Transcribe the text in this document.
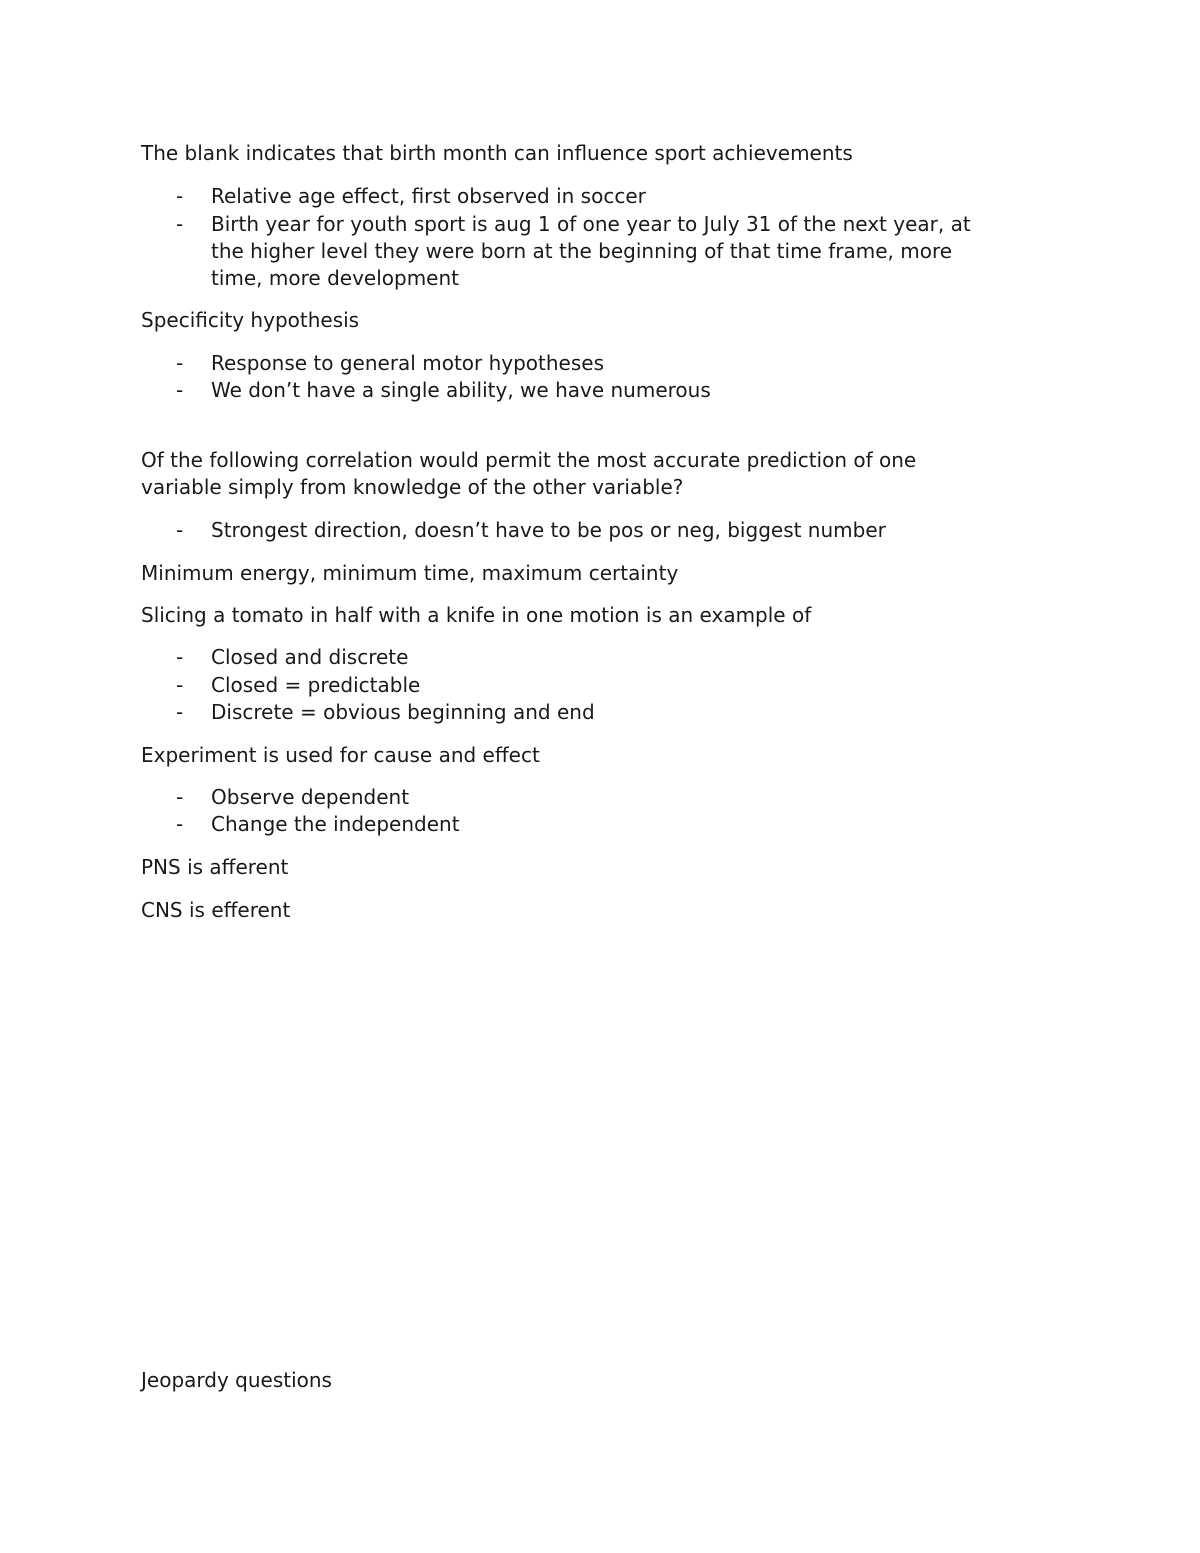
The blank indicates that birth month can influence sport achievements

- Relative age effect, first observed in soccer
- Birth year for youth sport is aug 1 of one year to July 31 of the next year, at
the higher level they were born at the beginning of that time frame, more
time, more development

Specificity hypothesis

- Response to general motor hypotheses
- We don’t have a single ability, we have numerous
Of the following correlation would permit the most accurate prediction of one
variable simply from knowledge of the other variable?
- Strongest direction, doesn’t have to be pos or neg, biggest number

Minimum energy, minimum time, maximum certainty

Slicing a tomato in half with a knife in one motion is an example of

- Closed and discrete
- Closed = predictable
- Discrete = obvious beginning and end

Experiment is used for cause and effect

- Observe dependent
- Change the independent

PNS is afferent

CNS is efferent

Jeopardy questions
